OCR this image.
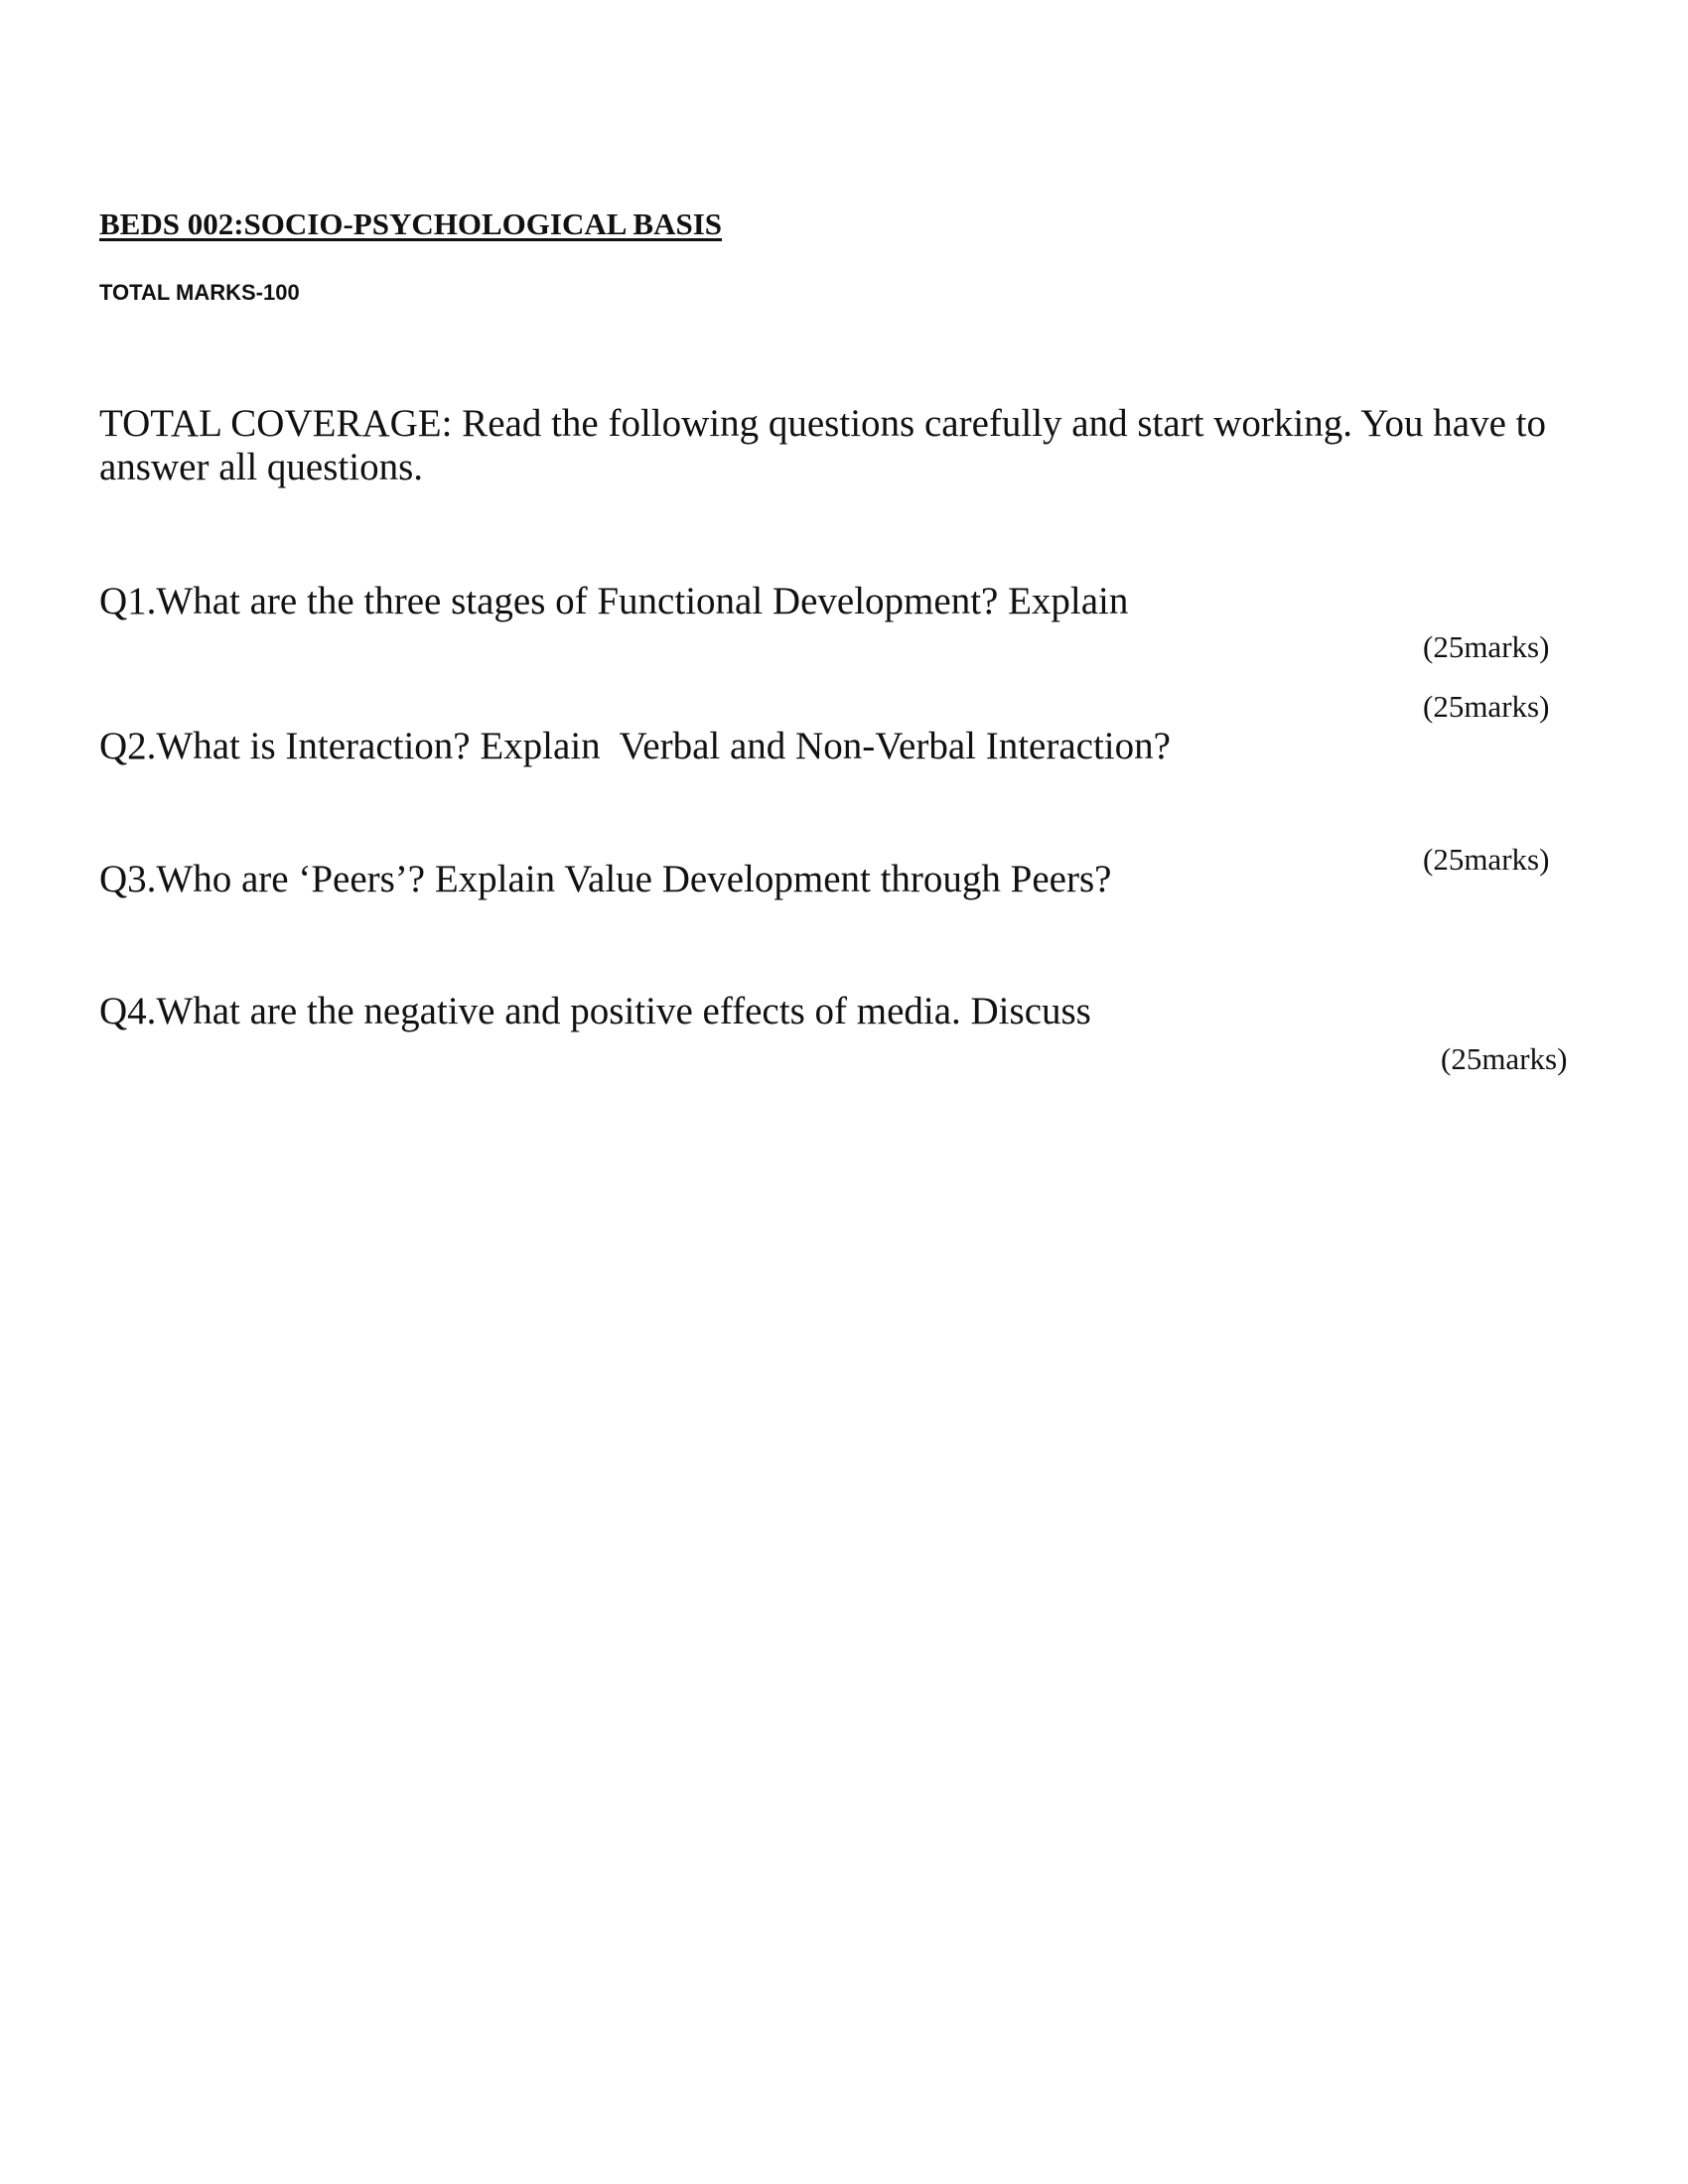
BEDS 002:SOCIO-PSYCHOLOGICAL BASIS
TOTAL MARKS-100
TOTAL COVERAGE: Read the following questions carefully and start working. You have to answer all questions.
Q1.What are the three stages of Functional Development? Explain
(25marks)
(25marks)
Q2.What is Interaction? Explain  Verbal and Non-Verbal Interaction?
(25marks)
Q3.Who are ‘Peers’? Explain Value Development through Peers?
Q4.What are the negative and positive effects of media. Discuss
(25marks)
